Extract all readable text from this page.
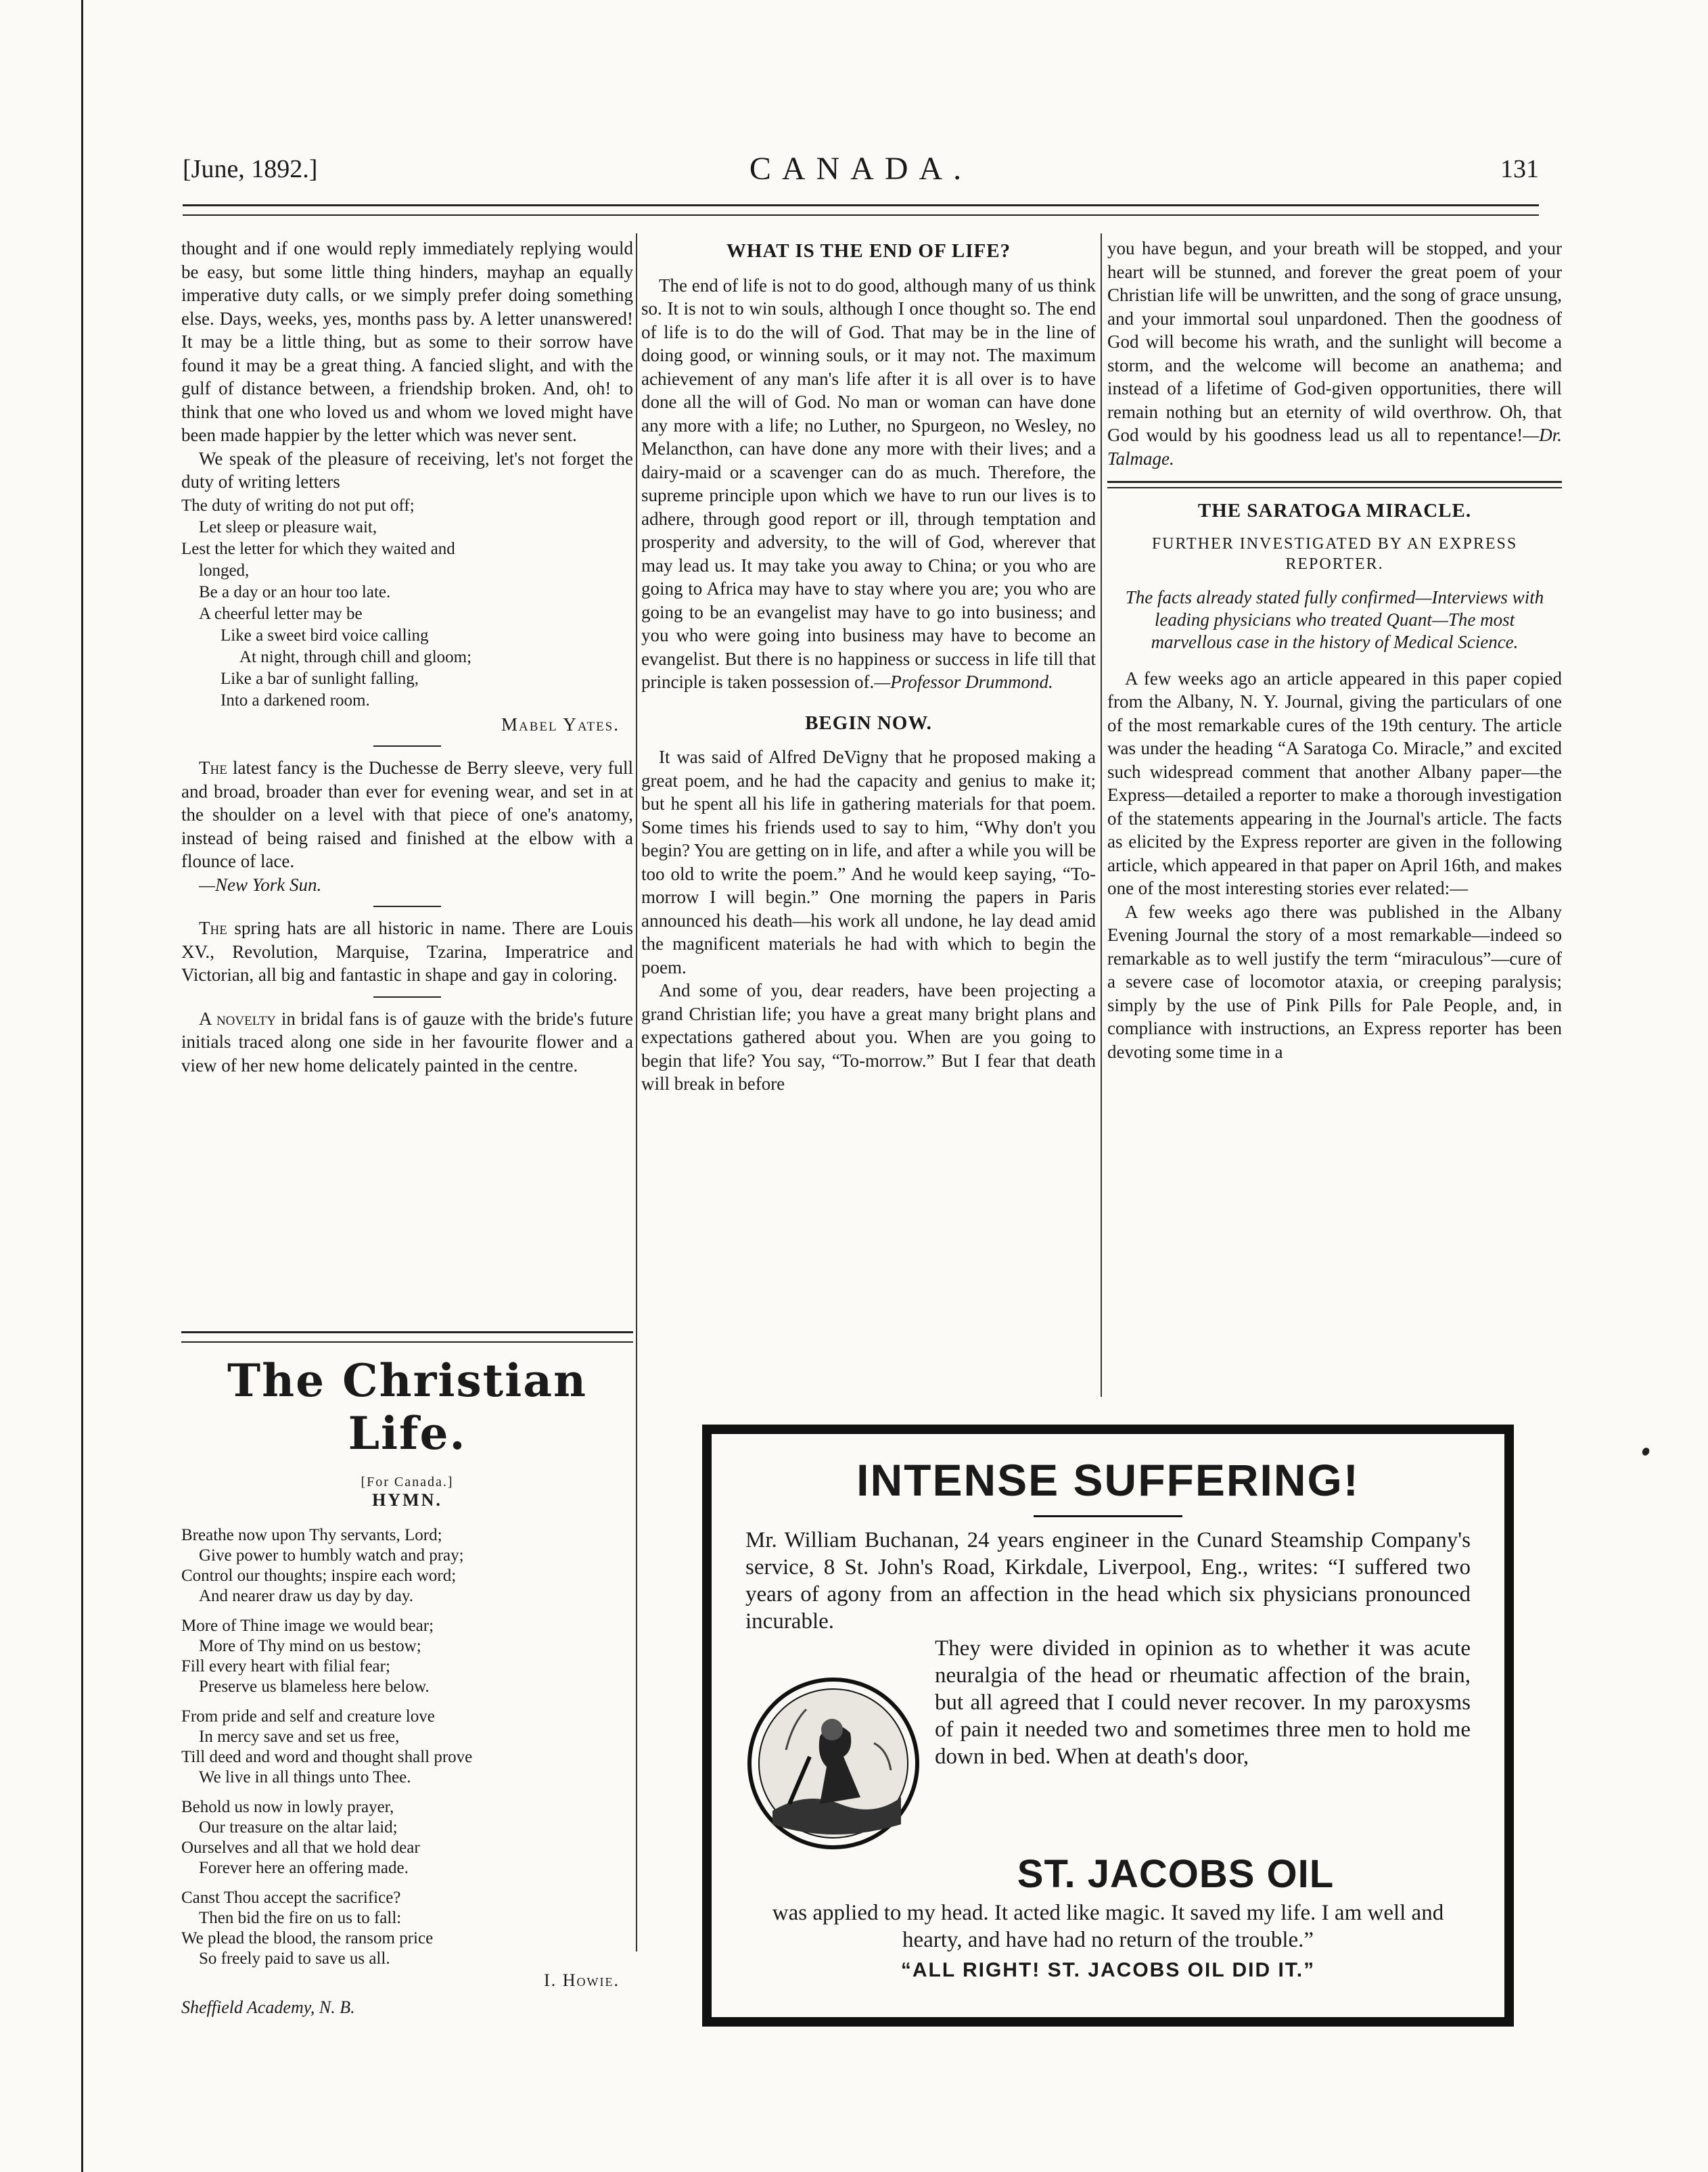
[June, 1892.]	CANADA.	131

thought and if one would reply immediately replying would be easy, but some little thing hinders, mayhap an equally imperative duty calls, or we simply prefer doing something else. Days, weeks, yes, months pass by. A letter unanswered! It may be a little thing, but as some to their sorrow have found it may be a great thing. A fancied slight, and with the gulf of distance between, a friendship broken. And, oh! to think that one who loved us and whom we loved might have been made happier by the letter which was never sent.

We speak of the pleasure of receiving, let's not forget the duty of writing letters

The duty of writing do not put off;
Let sleep or pleasure wait,
Lest the letter for which they waited and
longed,
Be a day or an hour too late.
A cheerful letter may be
Like a sweet bird voice calling
At night, through chill and gloom;
Like a bar of sunlight falling,
Into a darkened room.
Mabel Yates.

The latest fancy is the Duchesse de Berry sleeve, very full and broad, broader than ever for evening wear, and set in at the shoulder on a level with that piece of one's anatomy, instead of being raised and finished at the elbow with a flounce of lace.

—New York Sun.

The spring hats are all historic in name. There are Louis XV., Revolution, Marquise, Tzarina, Imperatrice and Victorian, all big and fantastic in shape and gay in coloring.

A novelty in bridal fans is of gauze with the bride's future initials traced along one side in her favourite flower and a view of her new home delicately painted in the centre.

The Christian Life.
[For Canada.]
HYMN.
Breathe now upon Thy servants, Lord;
Give power to humbly watch and pray;
Control our thoughts; inspire each word;
And nearer draw us day by day.
More of Thine image we would bear;
More of Thy mind on us bestow;
Fill every heart with filial fear;
Preserve us blameless here below.
From pride and self and creature love
In mercy save and set us free,
Till deed and word and thought shall prove
We live in all things unto Thee.
Behold us now in lowly prayer,
Our treasure on the altar laid;
Ourselves and all that we hold dear
Forever here an offering made.
Canst Thou accept the sacrifice?
Then bid the fire on us to fall:
We plead the blood, the ransom price
So freely paid to save us all.
I. Howie.
Sheffield Academy, N. B.
WHAT IS THE END OF LIFE?

The end of life is not to do good, although many of us think so. It is not to win souls, although I once thought so. The end of life is to do the will of God. That may be in the line of doing good, or winning souls, or it may not. The maximum achievement of any man's life after it is all over is to have done all the will of God. No man or woman can have done any more with a life; no Luther, no Spurgeon, no Wesley, no Melancthon, can have done any more with their lives; and a dairy-maid or a scavenger can do as much. Therefore, the supreme principle upon which we have to run our lives is to adhere, through good report or ill, through temptation and prosperity and adversity, to the will of God, wherever that may lead us. It may take you away to China; or you who are going to Africa may have to stay where you are; you who are going to be an evangelist may have to go into business; and you who were going into business may have to become an evangelist. But there is no happiness or success in life till that principle is taken possession of.—Professor Drummond.

BEGIN NOW.

It was said of Alfred DeVigny that he proposed making a great poem, and he had the capacity and genius to make it; but he spent all his life in gathering materials for that poem. Some times his friends used to say to him, “Why don't you begin? You are getting on in life, and after a while you will be too old to write the poem.” And he would keep saying, “To-morrow I will begin.” One morning the papers in Paris announced his death—his work all undone, he lay dead amid the magnificent materials he had with which to begin the poem.

And some of you, dear readers, have been projecting a grand Christian life; you have a great many bright plans and expectations gathered about you. When are you going to begin that life? You say, “To-morrow.” But I fear that death will break in before

you have begun, and your breath will be stopped, and your heart will be stunned, and forever the great poem of your Christian life will be unwritten, and the song of grace unsung, and your immortal soul unpardoned. Then the goodness of God will become his wrath, and the sunlight will become a storm, and the welcome will become an anathema; and instead of a lifetime of God-given opportunities, there will remain nothing but an eternity of wild overthrow. Oh, that God would by his goodness lead us all to repentance!—Dr. Talmage.

THE SARATOGA MIRACLE.
FURTHER INVESTIGATED BY AN EXPRESS REPORTER.
The facts already stated fully confirmed—Interviews with leading physicians who treated Quant—The most marvellous case in the history of Medical Science.

A few weeks ago an article appeared in this paper copied from the Albany, N. Y. Journal, giving the particulars of one of the most remarkable cures of the 19th century. The article was under the heading “A Saratoga Co. Miracle,” and excited such widespread comment that another Albany paper—the Express—detailed a reporter to make a thorough investigation of the statements appearing in the Journal's article. The facts as elicited by the Express reporter are given in the following article, which appeared in that paper on April 16th, and makes one of the most interesting stories ever related:—

A few weeks ago there was published in the Albany Evening Journal the story of a most remarkable—indeed so remarkable as to well justify the term “miraculous”—cure of a severe case of locomotor ataxia, or creeping paralysis; simply by the use of Pink Pills for Pale People, and, in compliance with instructions, an Express reporter has been devoting some time in a

INTENSE SUFFERING!
Mr. William Buchanan, 24 years engineer in the Cunard Steamship Company's service, 8 St. John's Road, Kirkdale, Liverpool, Eng., writes: “I suffered two years of agony from an affection in the head which six physicians pronounced incurable.
They were divided in opinion as to whether it was acute neuralgia of the head or rheumatic affection of the brain, but all agreed that I could never recover. In my paroxysms of pain it needed two and sometimes three men to hold me down in bed. When at death's door,
ST. JACOBS OIL
was applied to my head. It acted like magic. It saved my life. I am well and hearty, and have had no return of the trouble.”
“ALL RIGHT! ST. JACOBS OIL DID IT.”
